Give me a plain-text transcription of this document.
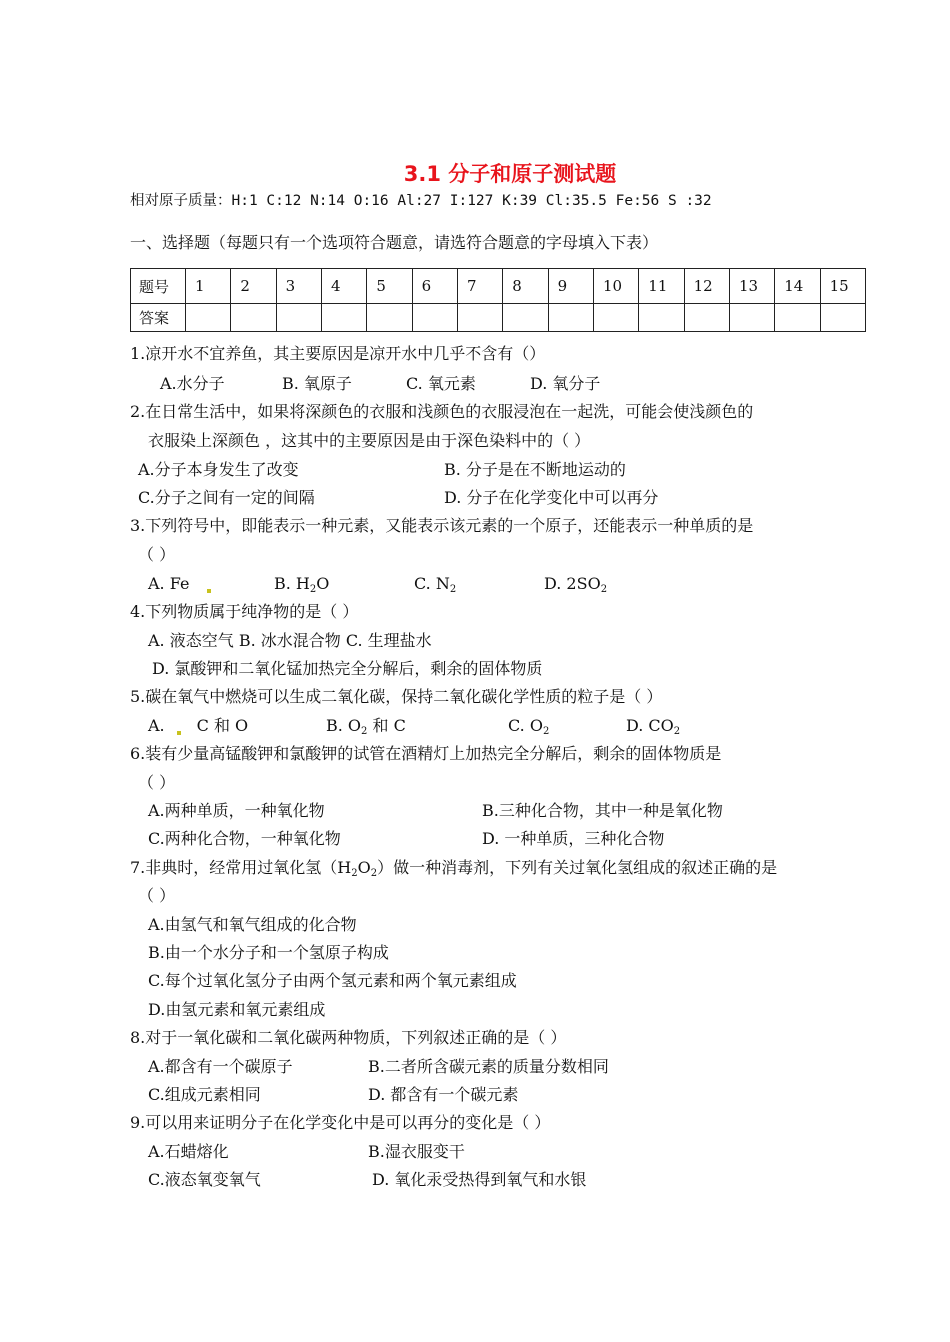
3.1 分子和原子测试题
相对原子质量：H:1 C:12 N:14 O:16 Al:27 I:127 K:39 Cl:35.5 Fe:56 S :32
一、选择题（每题只有一个选项符合题意，请选符合题意的字母填入下表）
题号	1	2	3	4	5	6	7	8	9	10	11	12	13	14	15
答案															
1.凉开水不宜养鱼，其主要原因是凉开水中几乎不含有（）
A.水分子	B. 氧原子	C. 氧元素	D. 氧分子
2.在日常生活中，如果将深颜色的衣服和浅颜色的衣服浸泡在一起洗，可能会使浅颜色的
衣服染上深颜色 ，这其中的主要原因是由于深色染料中的（ ）
A.分子本身发生了改变	B. 分子是在不断地运动的
C.分子之间有一定的间隔	D. 分子在化学变化中可以再分
3.下列符号中，即能表示一种元素，又能表示该元素的一个原子，还能表示一种单质的是
（ ）
A. Fe	B. $H_2O$	C. $N_2$	D. $2SO_2$
4.下列物质属于纯净物的是（ ）
A. 液态空气 B. 冰水混合物 C. 生理盐水
D. 氯酸钾和二氧化锰加热完全分解后，剩余的固体物质
5.碳在氧气中燃烧可以生成二氧化碳，保持二氧化碳化学性质的粒子是（ ）
A. C 和 O	B. $O_2$ 和 C	C. $O_2$	D. $CO_2$
6.装有少量高锰酸钾和氯酸钾的试管在酒精灯上加热完全分解后，剩余的固体物质是
（ ）
A.两种单质，一种氧化物	B.三种化合物，其中一种是氧化物
C.两种化合物，一种氧化物	D. 一种单质，三种化合物
7.非典时，经常用过氧化氢$(H_2O_2)$做一种消毒剂，下列有关过氧化氢组成的叙述正确的是
（ ）
A.由氢气和氧气组成的化合物
B.由一个水分子和一个氢原子构成
C.每个过氧化氢分子由两个氢元素和两个氧元素组成
D.由氢元素和氧元素组成
8.对于一氧化碳和二氧化碳两种物质，下列叙述正确的是（ ）
A.都含有一个碳原子	B.二者所含碳元素的质量分数相同
C.组成元素相同	D. 都含有一个碳元素
9.可以用来证明分子在化学变化中是可以再分的变化是（ ）
A.石蜡熔化	B.湿衣服变干
C.液态氧变氧气	D. 氧化汞受热得到氧气和水银
